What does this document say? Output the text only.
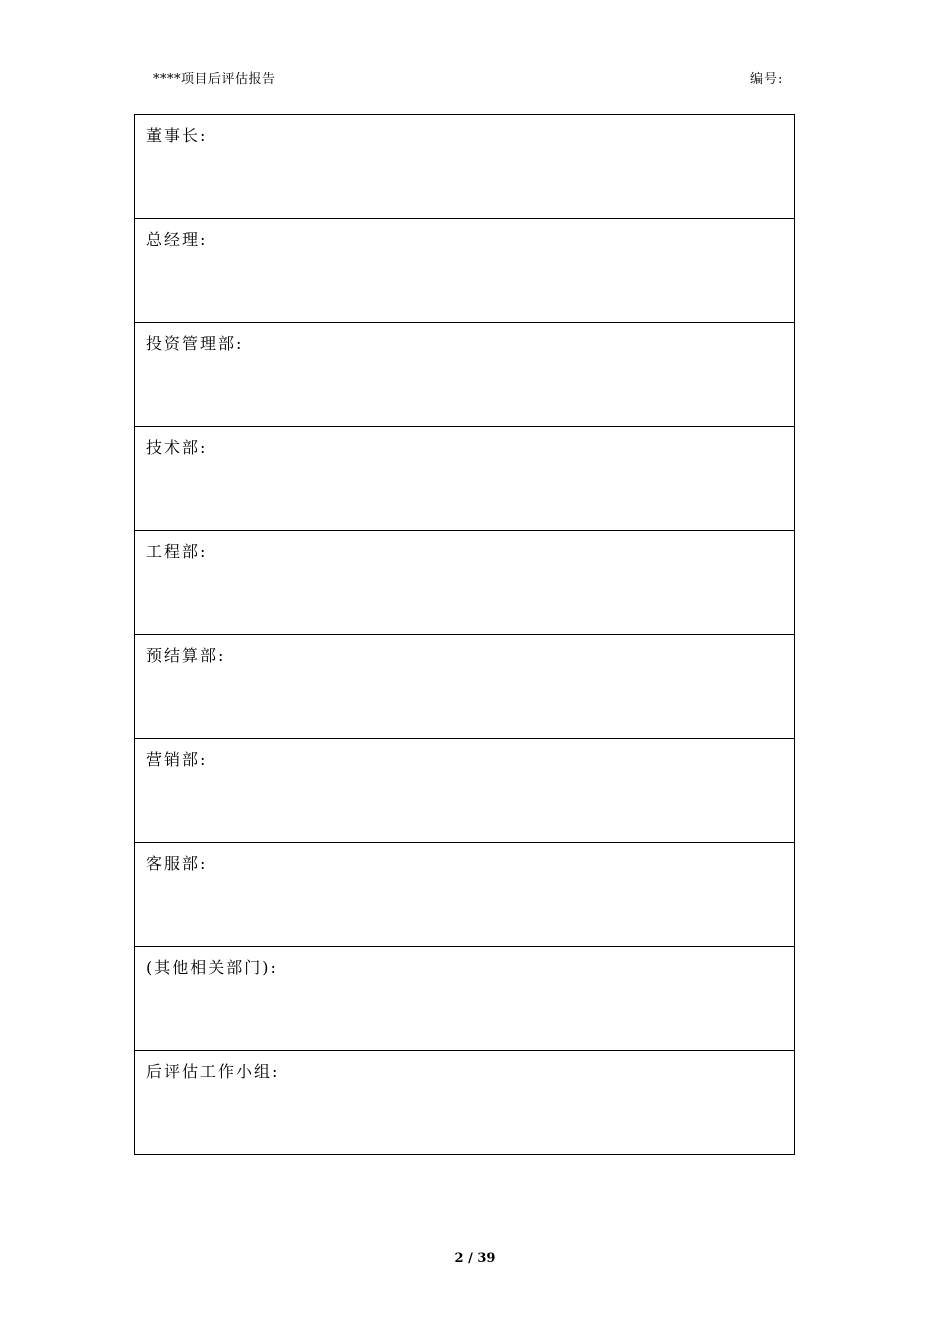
****项目后评估报告	编号:
董事长:

总经理:

投资管理部:

技术部:

工程部:

预结算部:

营销部:

客服部:

(其他相关部门):

后评估工作小组:
2 / 39
